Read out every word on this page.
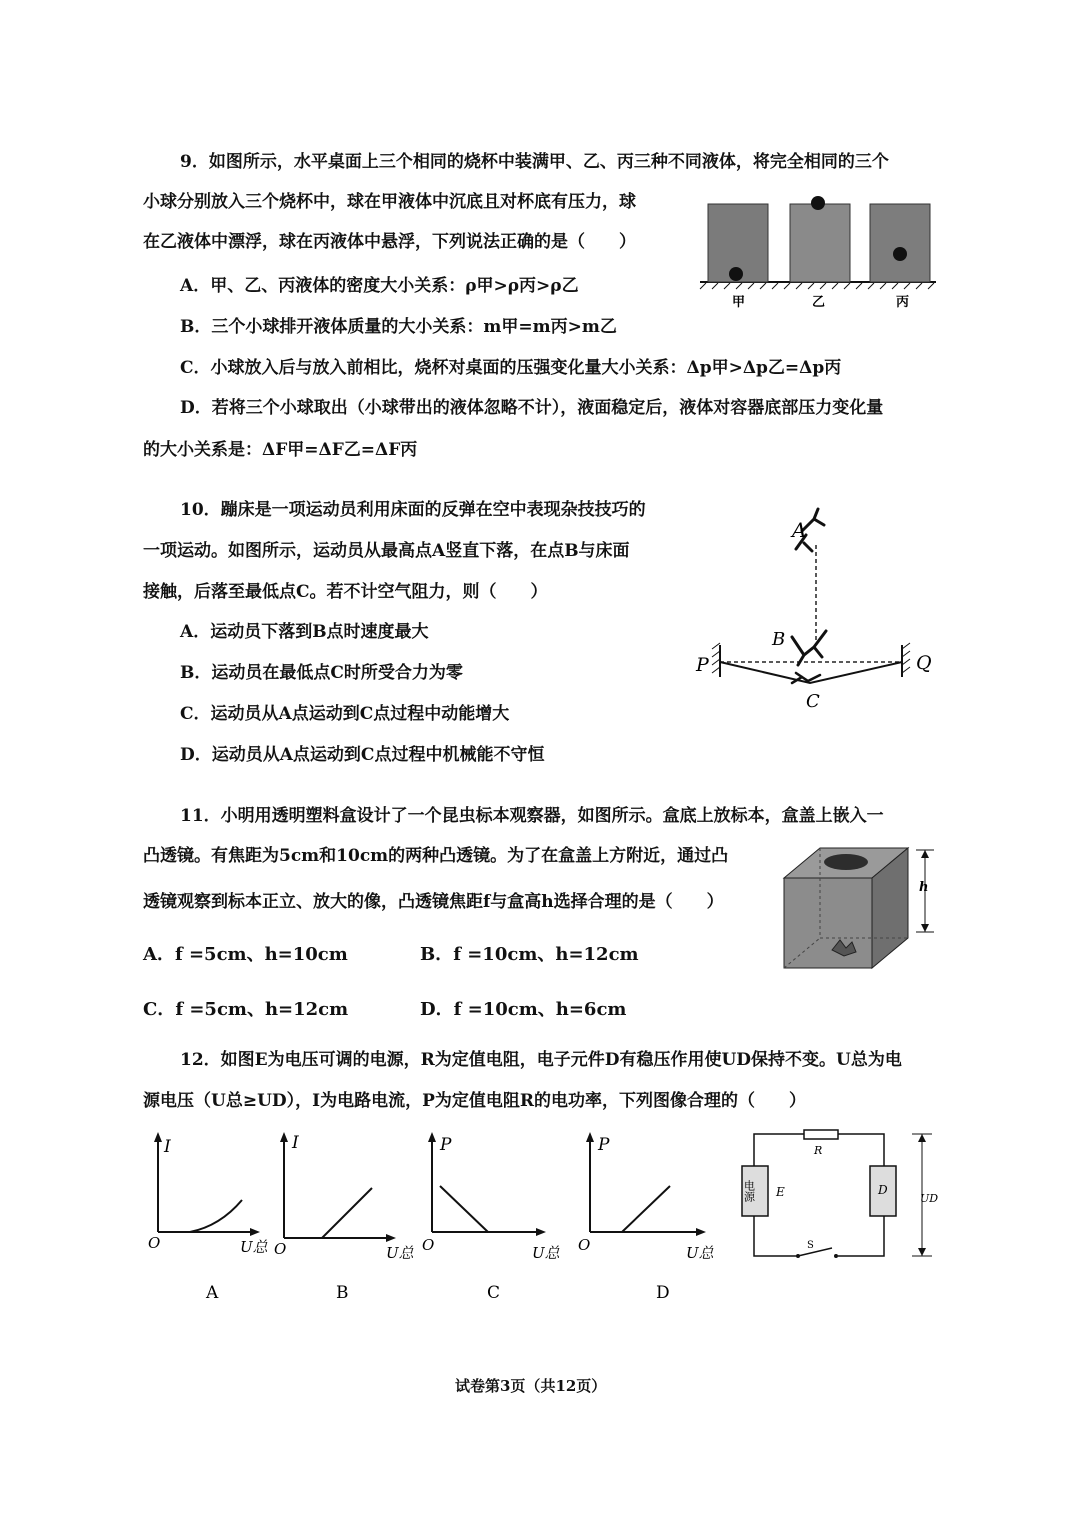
9．如图所示，水平桌面上三个相同的烧杯中装满甲、乙、丙三种不同液体，将完全相同的三个
小球分别放入三个烧杯中，球在甲液体中沉底且对杯底有压力，球
在乙液体中漂浮，球在丙液体中悬浮，下列说法正确的是（　　）
A．甲、乙、丙液体的密度大小关系：ρ甲>ρ丙>ρ乙
B．三个小球排开液体质量的大小关系：m甲=m丙>m乙
C．小球放入后与放入前相比，烧杯对桌面的压强变化量大小关系：Δp甲>Δp乙=Δp丙
D．若将三个小球取出（小球带出的液体忽略不计），液面稳定后，液体对容器底部压力变化量
的大小关系是：ΔF甲=ΔF乙=ΔF丙
甲	乙	丙
10．蹦床是一项运动员利用床面的反弹在空中表现杂技技巧的
一项运动。如图所示，运动员从最高点A竖直下落，在点B与床面
接触，后落至最低点C。若不计空气阻力，则（　　）
A．运动员下落到B点时速度最大
B．运动员在最低点C时所受合力为零
C．运动员从A点运动到C点过程中动能增大
D．运动员从A点运动到C点过程中机械能不守恒
A
B
C
P	Q
11．小明用透明塑料盒设计了一个昆虫标本观察器，如图所示。盒底上放标本，盒盖上嵌入一
凸透镜。有焦距为5cm和10cm的两种凸透镜。为了在盒盖上方附近，通过凸
透镜观察到标本正立、放大的像，凸透镜焦距f与盒高h选择合理的是（　　）
A．f =5cm、h=10cm	B．f =10cm、h=12cm
C．f =5cm、h=12cm	D．f =10cm、h=6cm
h
12．如图E为电压可调的电源，R为定值电阻，电子元件D有稳压作用使UD保持不变。U总为电
源电压（U总≥UD），I为电路电流，P为定值电阻R的电功率，下列图像合理的（　　）
I
O	U总
A
I
O	U总
B
P
O	U总
C
P
O	U总
D
R
电源 E	D
S
UD
试卷第3页（共12页）
